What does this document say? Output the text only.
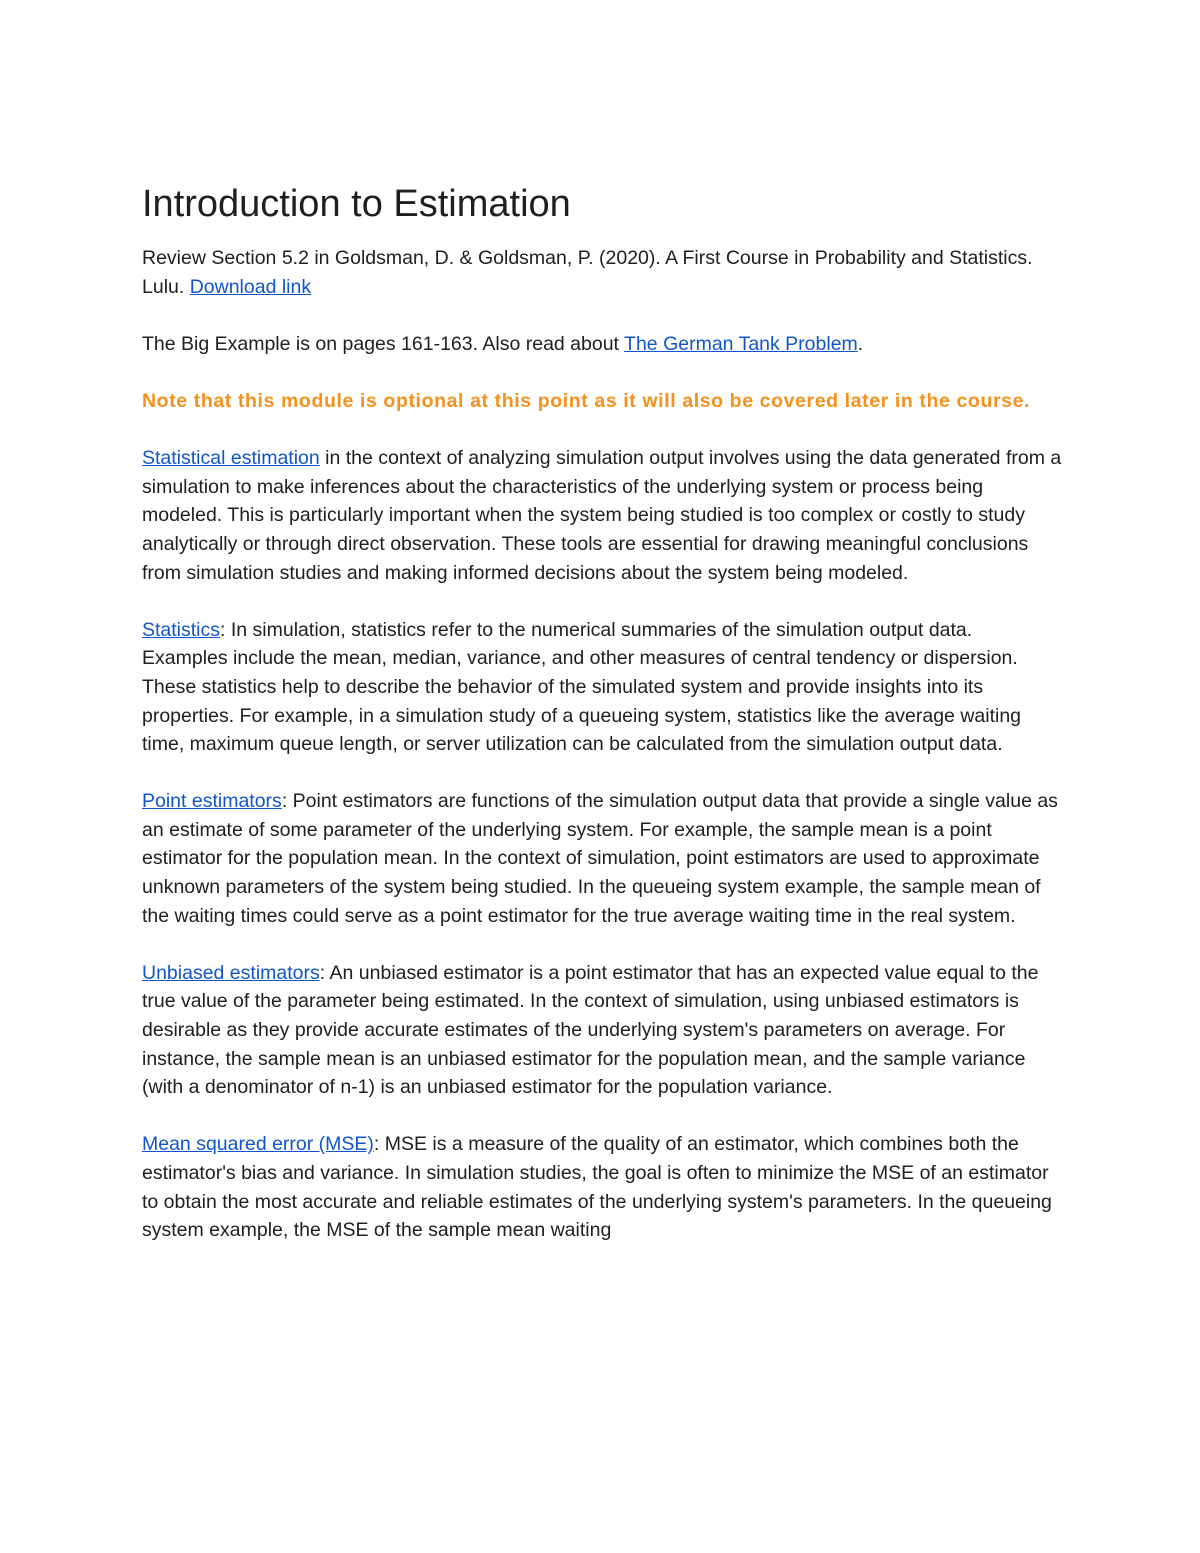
Introduction to Estimation

Review Section 5.2 in Goldsman, D. & Goldsman, P. (2020). A First Course in Probability and Statistics. Lulu. Download link

The Big Example is on pages 161-163. Also read about The German Tank Problem.

Note that this module is optional at this point as it will also be covered later in the course.

Statistical estimation in the context of analyzing simulation output involves using the data generated from a simulation to make inferences about the characteristics of the underlying system or process being modeled. This is particularly important when the system being studied is too complex or costly to study analytically or through direct observation. These tools are essential for drawing meaningful conclusions from simulation studies and making informed decisions about the system being modeled.

Statistics: In simulation, statistics refer to the numerical summaries of the simulation output data. Examples include the mean, median, variance, and other measures of central tendency or dispersion. These statistics help to describe the behavior of the simulated system and provide insights into its properties. For example, in a simulation study of a queueing system, statistics like the average waiting time, maximum queue length, or server utilization can be calculated from the simulation output data.

Point estimators: Point estimators are functions of the simulation output data that provide a single value as an estimate of some parameter of the underlying system. For example, the sample mean is a point estimator for the population mean. In the context of simulation, point estimators are used to approximate unknown parameters of the system being studied. In the queueing system example, the sample mean of the waiting times could serve as a point estimator for the true average waiting time in the real system.

Unbiased estimators: An unbiased estimator is a point estimator that has an expected value equal to the true value of the parameter being estimated. In the context of simulation, using unbiased estimators is desirable as they provide accurate estimates of the underlying system's parameters on average. For instance, the sample mean is an unbiased estimator for the population mean, and the sample variance (with a denominator of n-1) is an unbiased estimator for the population variance.

Mean squared error (MSE): MSE is a measure of the quality of an estimator, which combines both the estimator's bias and variance. In simulation studies, the goal is often to minimize the MSE of an estimator to obtain the most accurate and reliable estimates of the underlying system's parameters. In the queueing system example, the MSE of the sample mean waiting
